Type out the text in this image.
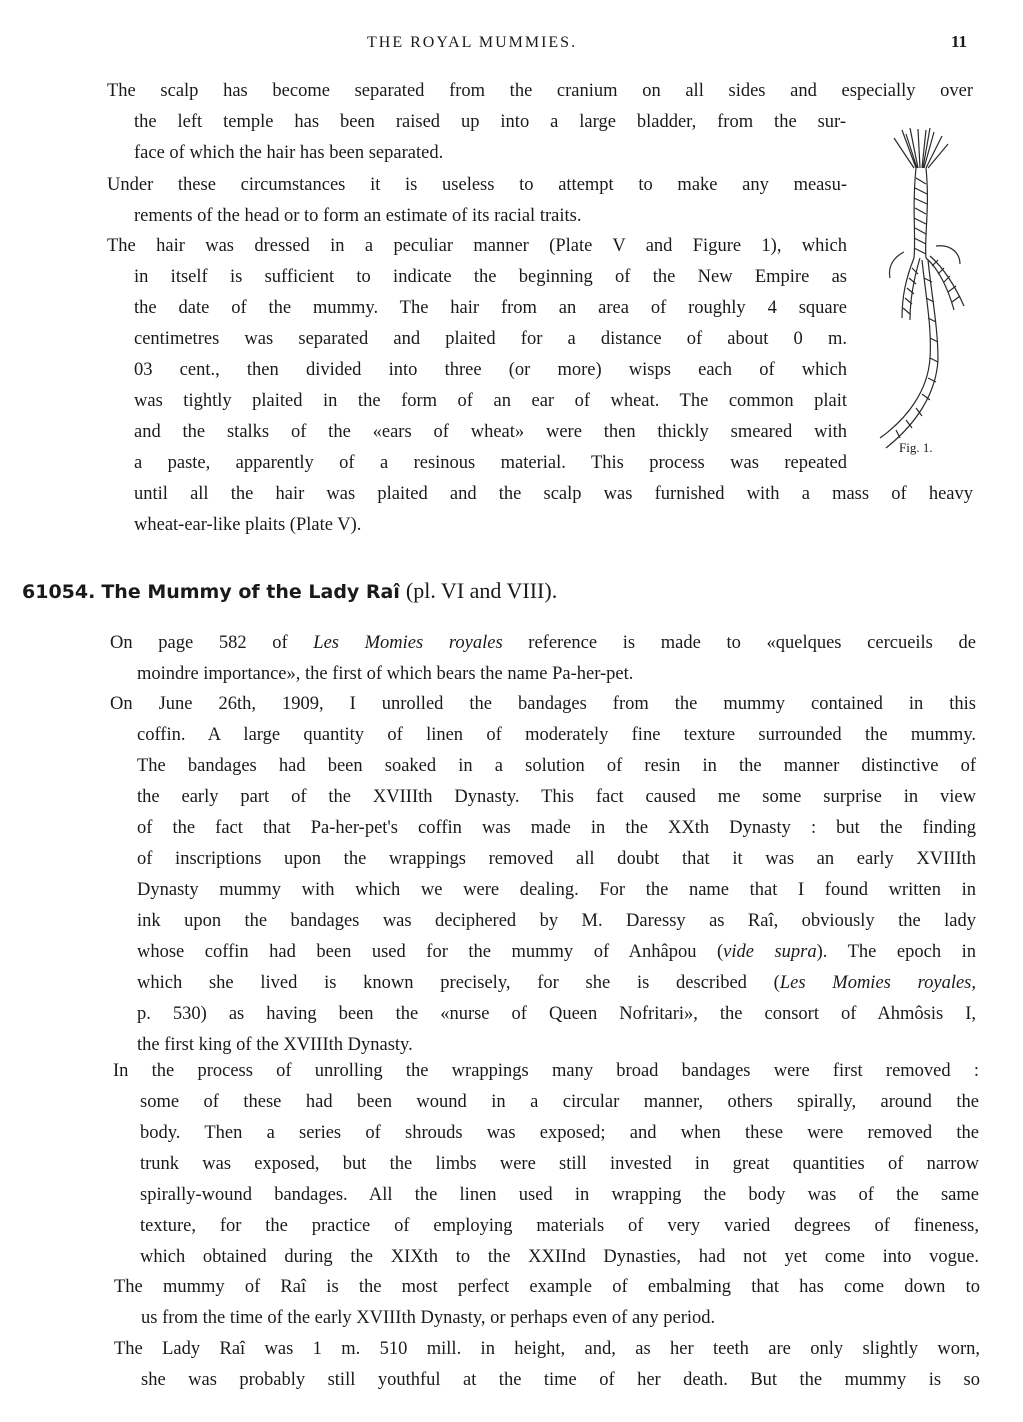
THE ROYAL MUMMIES.	11
The scalp has become separated from the cranium on all sides and especially over
the left temple has been raised up into a large bladder, from the sur-
face of which the hair has been separated.
Under these circumstances it is useless to attempt to make any measu-
rements of the head or to form an estimate of its racial traits.
The hair was dressed in a peculiar manner (Plate V and Figure 1), which
in itself is sufficient to indicate the beginning of the New Empire as
the date of the mummy. The hair from an area of roughly 4 square
centimetres was separated and plaited for a distance of about 0 m.
03 cent., then divided into three (or more) wisps each of which
was tightly plaited in the form of an ear of wheat. The common plait
and the stalks of the «ears of wheat» were then thickly smeared with
a paste, apparently of a resinous material. This process was repeated
until all the hair was plaited and the scalp was furnished with a mass of heavy
wheat-ear-like plaits (Plate V).
Fig. 1.
61054. The Mummy of the Lady Raî (pl. VI and VIII).
On page 582 of Les Momies royales reference is made to «quelques cercueils de
moindre importance», the first of which bears the name Pa-her-pet.
On June 26th, 1909, I unrolled the bandages from the mummy contained in this
coffin. A large quantity of linen of moderately fine texture surrounded the mummy.
The bandages had been soaked in a solution of resin in the manner distinctive of
the early part of the XVIIIth Dynasty. This fact caused me some surprise in view
of the fact that Pa-her-pet's coffin was made in the XXth Dynasty : but the finding
of inscriptions upon the wrappings removed all doubt that it was an early XVIIIth
Dynasty mummy with which we were dealing. For the name that I found written in
ink upon the bandages was deciphered by M. Daressy as Raî, obviously the lady
whose coffin had been used for the mummy of Anhâpou (vide supra). The epoch in
which she lived is known precisely, for she is described (Les Momies royales,
p. 530) as having been the «nurse of Queen Nofritari», the consort of Ahmôsis I,
the first king of the XVIIIth Dynasty.
In the process of unrolling the wrappings many broad bandages were first removed :
some of these had been wound in a circular manner, others spirally, around the
body. Then a series of shrouds was exposed; and when these were removed the
trunk was exposed, but the limbs were still invested in great quantities of narrow
spirally-wound bandages. All the linen used in wrapping the body was of the same
texture, for the practice of employing materials of very varied degrees of fineness,
which obtained during the XIXth to the XXIInd Dynasties, had not yet come into vogue.
The mummy of Raî is the most perfect example of embalming that has come down to
us from the time of the early XVIIIth Dynasty, or perhaps even of any period.
The Lady Raî was 1 m. 510 mill. in height, and, as her teeth are only slightly worn,
she was probably still youthful at the time of her death. But the mummy is so
